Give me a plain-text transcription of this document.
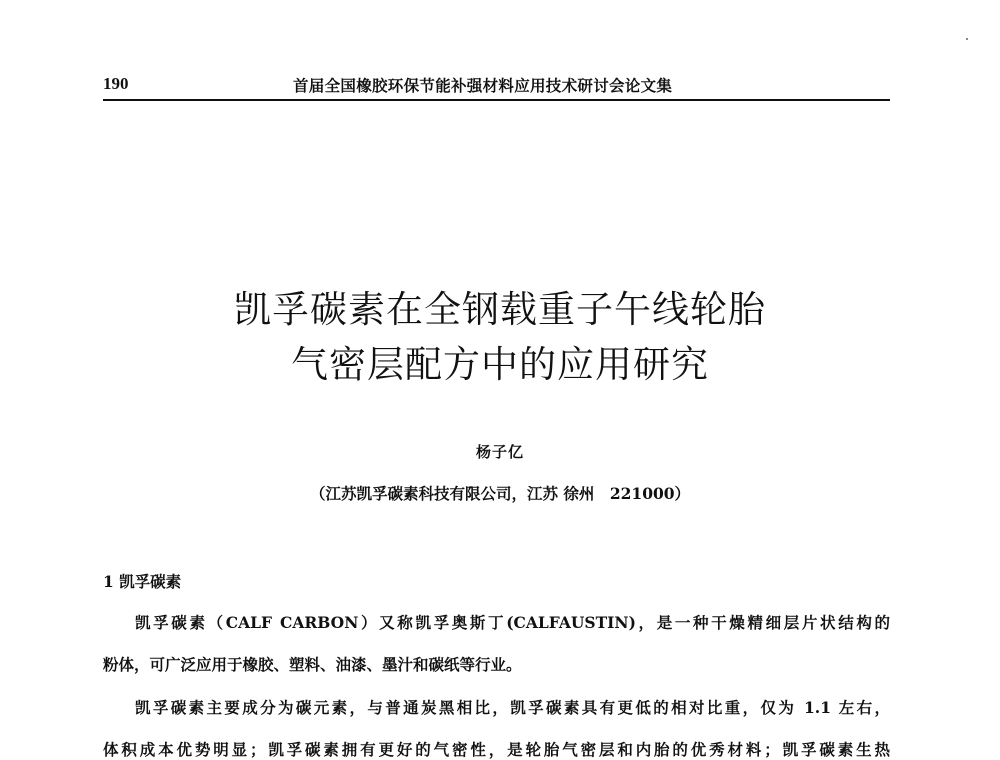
190	首届全国橡胶环保节能补强材料应用技术研讨会论文集
凯孚碳素在全钢载重子午线轮胎
气密层配方中的应用研究
杨子亿
（江苏凯孚碳素科技有限公司，江苏 徐州　221000）
1 凯孚碳素
凯孚碳素（CALF CARBON）又称凯孚奥斯丁(CALFAUSTIN)，是一种干燥精细层片状结构的
粉体，可广泛应用于橡胶、塑料、油漆、墨汁和碳纸等行业。
凯孚碳素主要成分为碳元素，与普通炭黑相比，凯孚碳素具有更低的相对比重，仅为 1.1 左右，
体积成本优势明显；凯孚碳素拥有更好的气密性，是轮胎气密层和内胎的优秀材料；凯孚碳素生热
